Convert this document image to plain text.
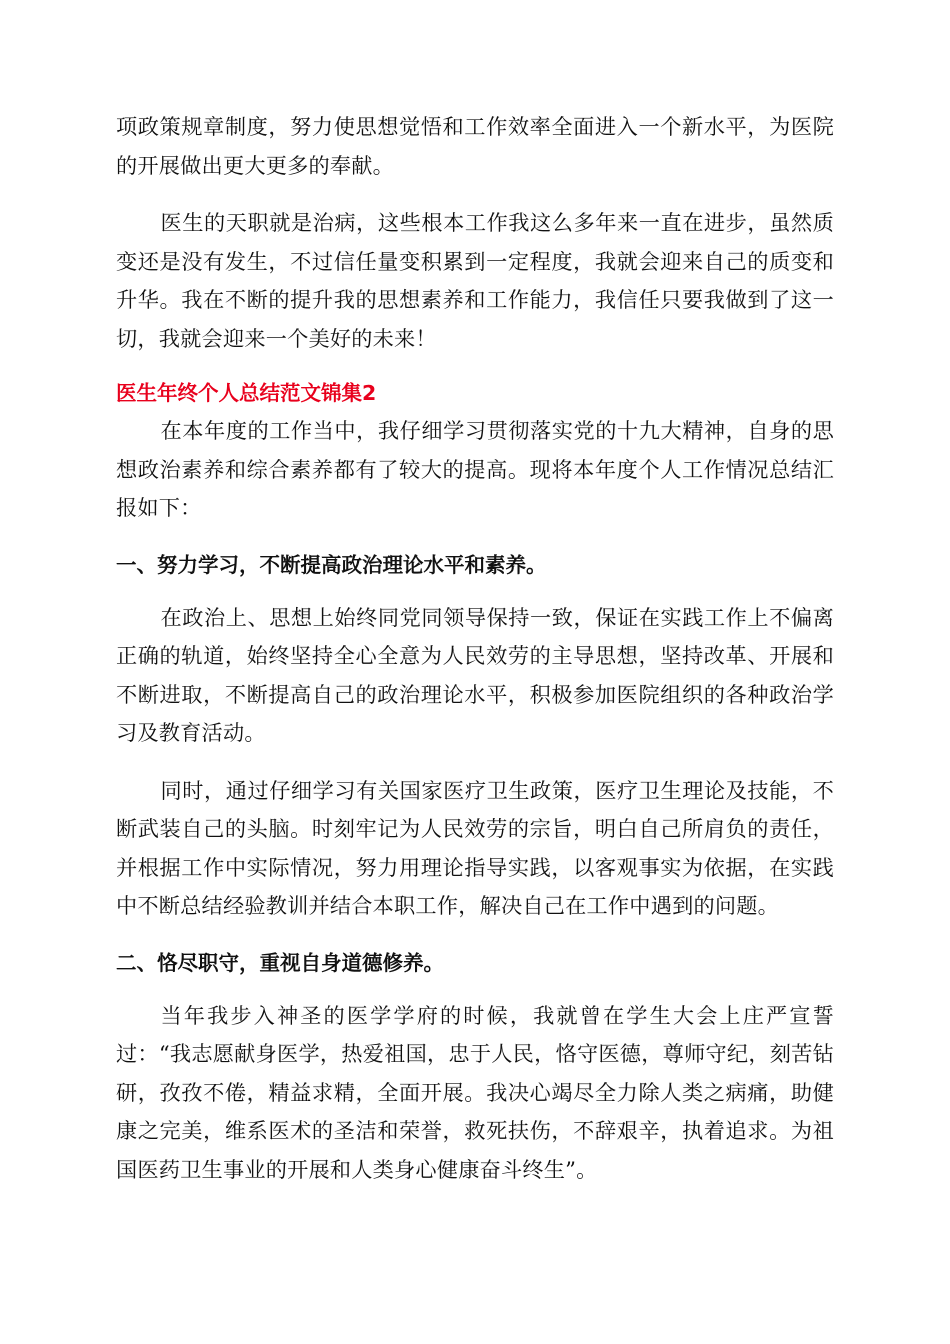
项政策规章制度，努力使思想觉悟和工作效率全面进入一个新水平，为医院的开展做出更大更多的奉献。

医生的天职就是治病，这些根本工作我这么多年来一直在进步，虽然质变还是没有发生，不过信任量变积累到一定程度，我就会迎来自己的质变和升华。我在不断的提升我的思想素养和工作能力，我信任只要我做到了这一切，我就会迎来一个美好的未来！

医生年终个人总结范文锦集2

在本年度的工作当中，我仔细学习贯彻落实党的十九大精神，自身的思想政治素养和综合素养都有了较大的提高。现将本年度个人工作情况总结汇报如下：

一、努力学习，不断提高政治理论水平和素养。

在政治上、思想上始终同党同领导保持一致，保证在实践工作上不偏离正确的轨道，始终坚持全心全意为人民效劳的主导思想，坚持改革、开展和不断进取，不断提高自己的政治理论水平，积极参加医院组织的各种政治学习及教育活动。

同时，通过仔细学习有关国家医疗卫生政策，医疗卫生理论及技能，不断武装自己的头脑。时刻牢记为人民效劳的宗旨，明白自己所肩负的责任，并根据工作中实际情况，努力用理论指导实践，以客观事实为依据，在实践中不断总结经验教训并结合本职工作，解决自己在工作中遇到的问题。

二、恪尽职守，重视自身道德修养。

当年我步入神圣的医学学府的时候，我就曾在学生大会上庄严宣誓过：“我志愿献身医学，热爱祖国，忠于人民，恪守医德，尊师守纪，刻苦钻研，孜孜不倦，精益求精，全面开展。我决心竭尽全力除人类之病痛，助健康之完美，维系医术的圣洁和荣誉，救死扶伤，不辞艰辛，执着追求。为祖国医药卫生事业的开展和人类身心健康奋斗终生”。
